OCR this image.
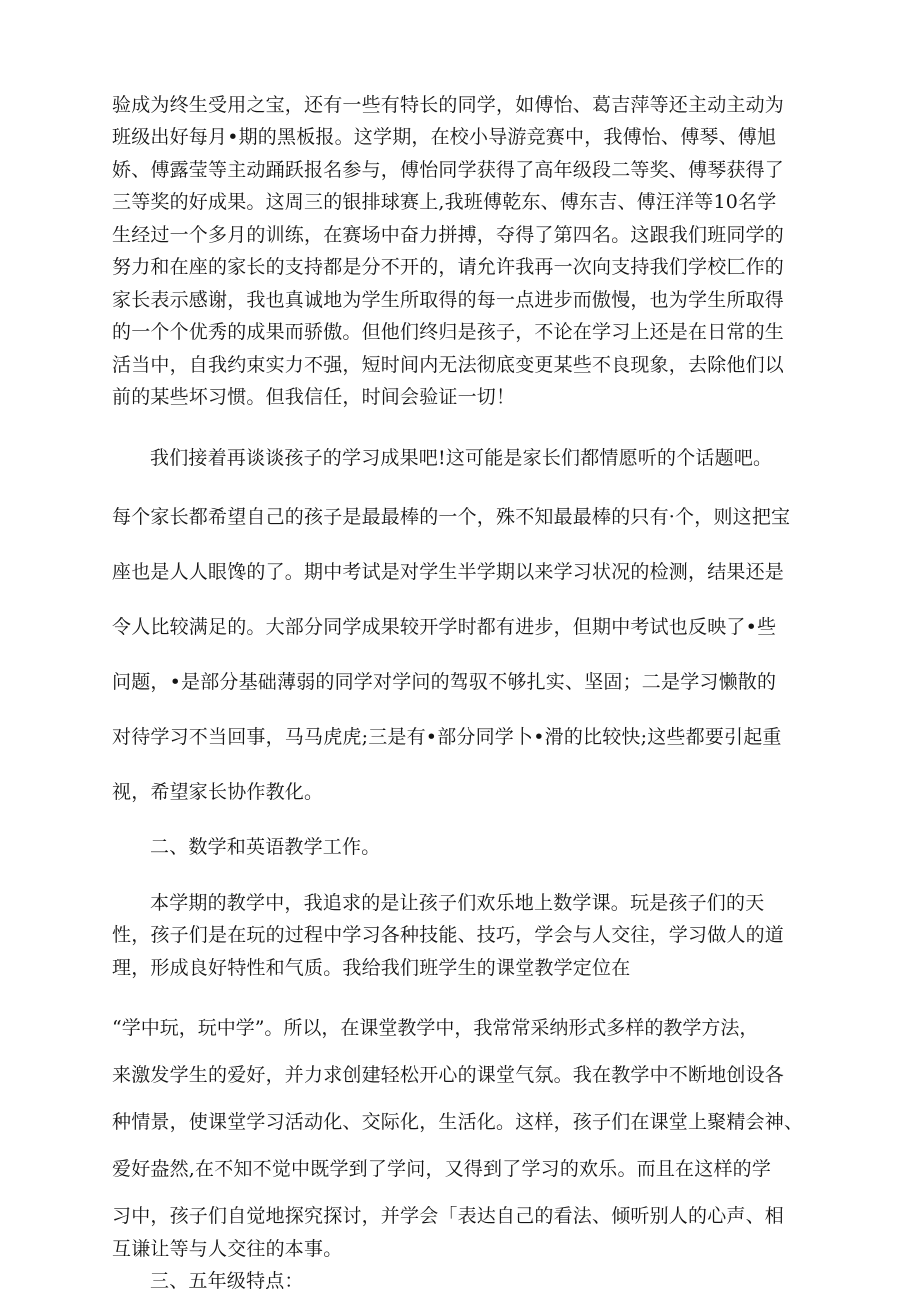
验成为终生受用之宝，还有一些有特长的同学，如傅怡、葛吉萍等还主动主动为
班级出好每月•期的黑板报。这学期，在校小导游竞赛中，我傅怡、傅琴、傅旭
娇、傅露莹等主动踊跃报名参与，傅怡同学获得了高年级段二等奖、傅琴获得了
三等奖的好成果。这周三的银排球赛上,我班傅乾东、傅东吉、傅汪洋等10名学
生经过一个多月的训练，在赛场中奋力拼搏，夺得了第四名。这跟我们班同学的
努力和在座的家长的支持都是分不开的，请允许我再一次向支持我们学校匚作的
家长表示感谢，我也真诚地为学生所取得的每一点进步而傲慢，也为学生所取得
的一个个优秀的成果而骄傲。但他们终归是孩子，不论在学习上还是在日常的生
活当中，自我约束实力不强，短时间内无法彻底变更某些不良现象，去除他们以
前的某些坏习惯。但我信任，时间会验证一切！
我们接着再谈谈孩子的学习成果吧!这可能是家长们都情愿听的个话题吧。
每个家长都希望自己的孩子是最最棒的一个，殊不知最最棒的只有·个，则这把宝
座也是人人眼馋的了。期中考试是对学生半学期以来学习状况的检测，结果还是
令人比较满足的。大部分同学成果较开学时都有进步，但期中考试也反映了•些
问题，•是部分基础薄弱的同学对学问的驾驭不够扎实、坚固；二是学习懒散的
对待学习不当回事，马马虎虎;三是有•部分同学卜•滑的比较快;这些都要引起重
视，希望家长协作教化。
二、数学和英语教学工作。
本学期的教学中，我追求的是让孩子们欢乐地上数学课。玩是孩子们的天
性，孩子们是在玩的过程中学习各种技能、技巧，学会与人交往，学习做人的道
理，形成良好特性和气质。我给我们班学生的课堂教学定位在
“学中玩，玩中学”。所以，在课堂教学中，我常常采纳形式多样的教学方法，
来激发学生的爱好，并力求创建轻松开心的课堂气氛。我在教学中不断地创设各
种情景，使课堂学习活动化、交际化，生活化。这样，孩子们在课堂上聚精会神、
爱好盎然,在不知不觉中既学到了学问，又得到了学习的欢乐。而且在这样的学
习中，孩子们自觉地探究探讨，并学会「表达自己的看法、倾听别人的心声、相
互谦让等与人交往的本事。
三、五年级特点：
